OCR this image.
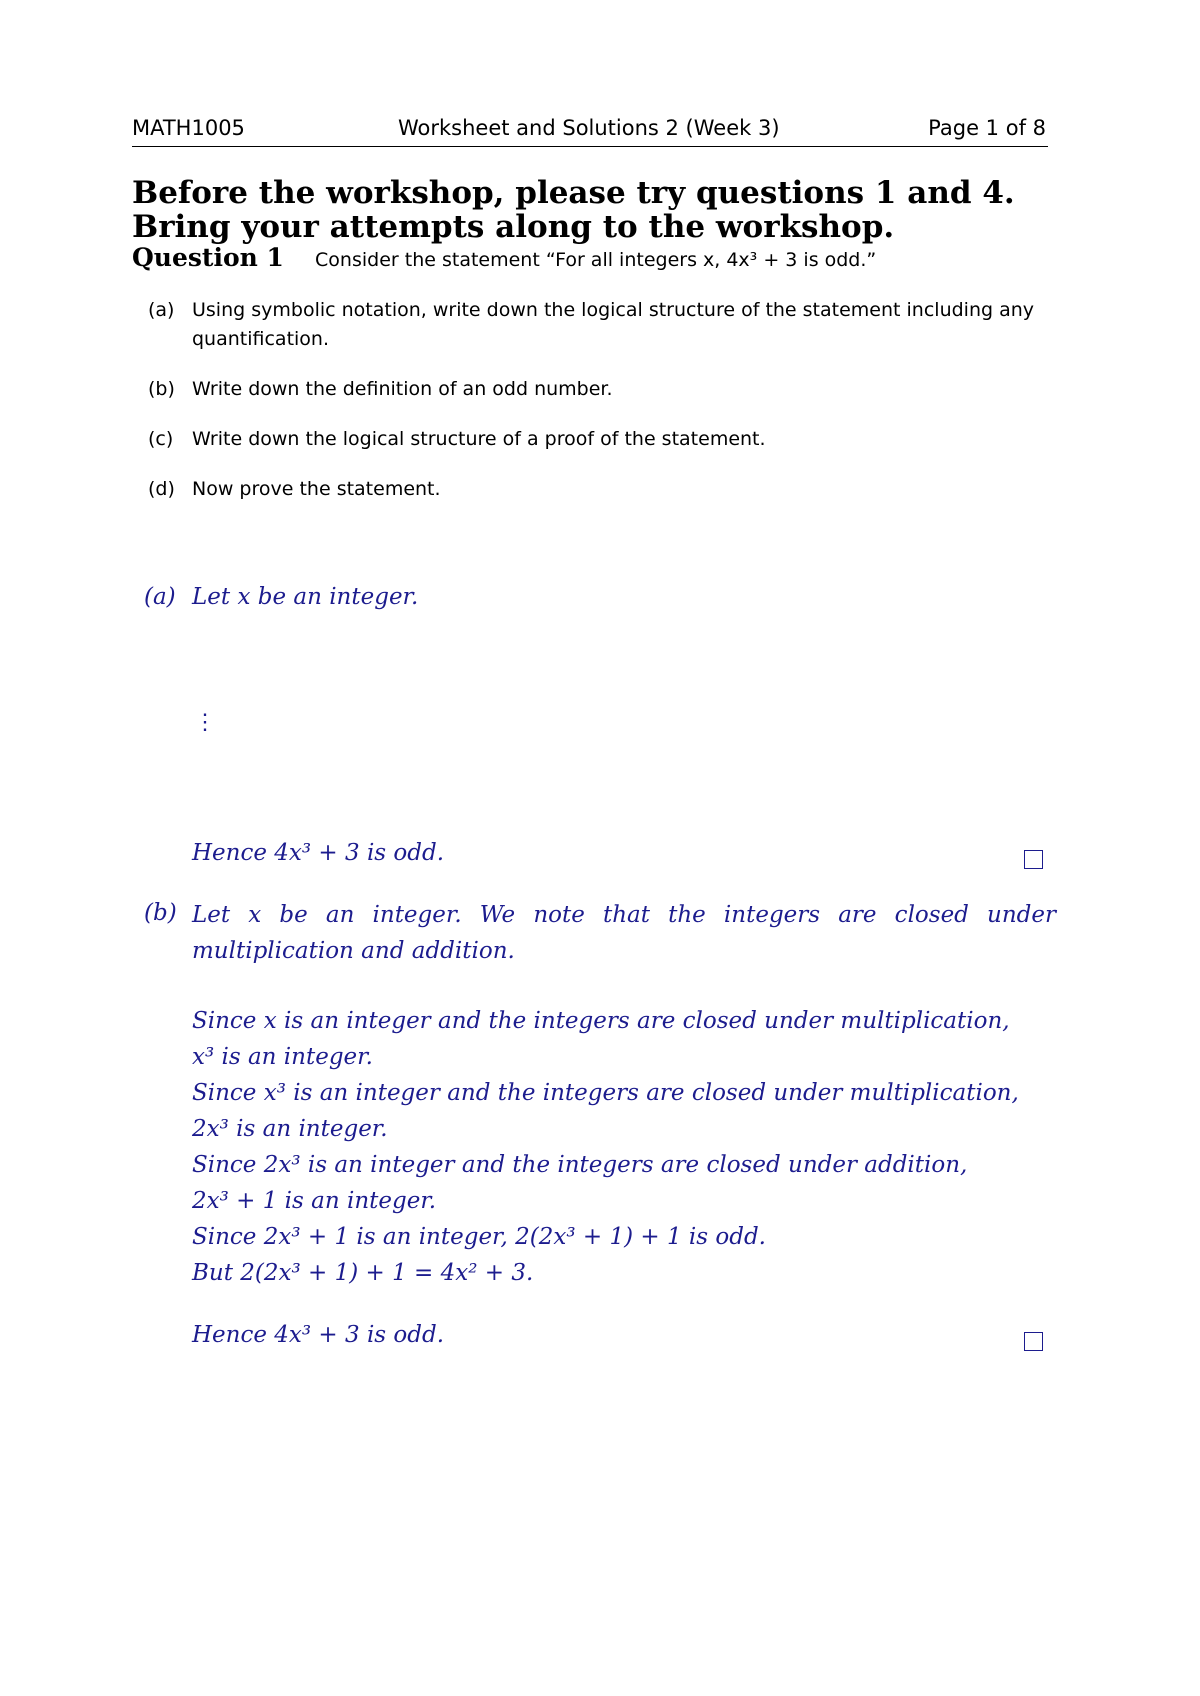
MATH1005	Worksheet and Solutions 2 (Week 3)	Page 1 of 8
Before the workshop, please try questions 1 and 4.
Bring your attempts along to the workshop.
Question 1 Consider the statement “For all integers x, 4x³ + 3 is odd.”
(a) Using symbolic notation, write down the logical structure of the statement including any quantification.
(b) Write down the definition of an odd number.
(c) Write down the logical structure of a proof of the statement.
(d) Now prove the statement.
(a) Let x be an integer.
⋮
Hence 4x³ + 3 is odd.
(b) Let x be an integer. We note that the integers are closed under
multiplication and addition.
Since x is an integer and the integers are closed under multiplication,
x³ is an integer.
Since x³ is an integer and the integers are closed under multiplication,
2x³ is an integer.
Since 2x³ is an integer and the integers are closed under addition,
2x³ + 1 is an integer.
Since 2x³ + 1 is an integer, 2(2x³ + 1) + 1 is odd.
But 2(2x³ + 1) + 1 = 4x² + 3.
Hence 4x³ + 3 is odd.
